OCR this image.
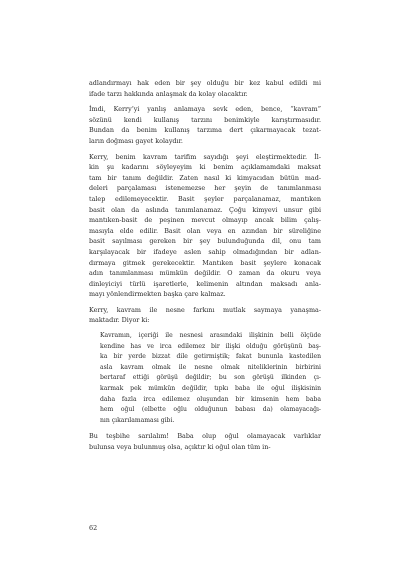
adlandırmayı hak eden bir şey olduğu bir kez kabul edildi mi
ifade tarzı hakkında anlaşmak da kolay olacaktır.
İmdi, Kerry’yi yanlış anlamaya sevk eden, bence, “kavram”
sözünü kendi kullanış tarzını benimkiyle karıştırmasıdır.
Bundan da benim kullanış tarzıma dert çıkarmayacak tezat-
ların doğması gayet kolaydır.
Kerry, benim kavram tarifim sayıdığı şeyi eleştirmektedir. İl-
kin şu kadarını söyleyeyim ki benim açıklamamdaki maksat
tam bir tanım değildir. Zaten nasıl ki kimyacıdan bütün mad-
deleri parçalaması istenemezse her şeyin de tanımlanması
talep edilemeyecektir. Basit şeyler parçalanamaz, mantıken
basit olan da aslında tanımlanamaz. Çoğu kimyevi unsur gibi
mantıken-basit de peşinen mevcut olmayıp ancak bilim çalış-
masıyla elde edilir. Basit olan veya en azından bir süreliğine
basit sayılması gereken bir şey bulunduğunda dil, onu tam
karşılayacak bir ifadeye aslen sahip olmadığından bir adlan-
dırmaya gitmek gerekecektir. Mantıken basit şeylere konacak
adın tanımlanması mümkün değildir. O zaman da okuru veya
dinleyiciyi türlü işaretlerle, kelimenin altından maksadı anla-
mayı yönlendirmekten başka çare kalmaz.
Kerry, kavram ile nesne farkını mutlak saymaya yanaşma-
maktadır. Diyor ki:
Kavramın, içeriği ile nesnesi arasındaki ilişkinin belli ölçüde
kendine has ve irca edilemez bir ilişki olduğu görüşünü baş-
ka bir yerde bizzat dile getirmiştik; fakat bununla kastedilen
asla kavram olmak ile nesne olmak niteliklerinin birbirini
bertaraf ettiği görüşü değildir; bu son görüşü ilkinden çı-
karmak pek mümkün değildir, tıpkı baba ile oğul ilişkisinin
daha fazla irca edilemez oluşundan bir kimsenin hem baba
hem oğul (elbette oğlu olduğunun babası da) olamayacağı-
nın çıkarılamaması gibi.
Bu teşbihe sarılalım! Baba olup oğul olamayacak varlıklar
bulunsa veya bulunmuş olsa, açıktır ki oğul olan tüm in-
62
